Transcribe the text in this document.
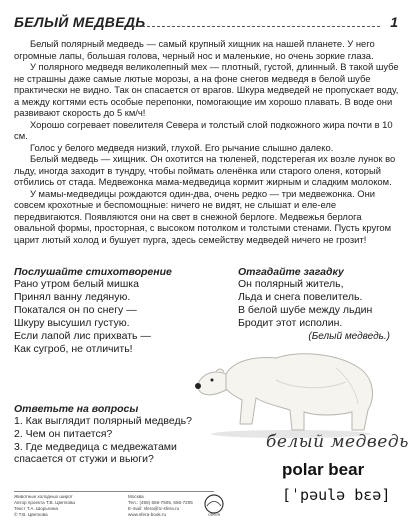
БЕЛЫЙ МЕДВЕДЬ	1

Белый полярный медведь — самый крупный хищник на нашей планете. У него огромные лапы, большая голова, черный нос и маленькие, но очень зоркие глаза.

У полярного медведя великолепный мех — плотный, густой, длинный. В такой шубе не страшны даже самые лютые морозы, а на фоне снегов медведя в белой шубе практически не видно. Так он спасается от врагов. Шкура медведей не пропускает воду, а между когтями есть особые перепонки, помогающие им хорошо плавать. В воде они развивают скорость до 5 км/ч!

Хорошо согревает повелителя Севера и толстый слой подкожного жира почти в 10 см.

Голос у белого медведя низкий, глухой. Его рычание слышно далеко.

Белый медведь — хищник. Он охотится на тюленей, подстерегая их возле лунок во льду, иногда заходит в тундру, чтобы поймать оленёнка или старого оленя, который отбились от стада. Медвежонка мама-медведица кормит жирным и сладким молоком.

У мамы-медведицы рождаются один-два, очень редко — три медвежонка. Они совсем крохотные и беспомощные: ничего не видят, не слышат и еле-еле передвигаются. Появляются они на свет в снежной берлоге. Медвежья берлога овальной формы, просторная, с высоком потолком и толстыми стенами. Пусть кругом царит лютый холод и бушует пурга, здесь семейству медведей ничего не грозит!

Послушайте стихотворение
Рано утром белый мишка
Принял ванну ледяную.
Покатался он по снегу —
Шкуру высушил густую.
Если лапой лис прихвать —
Как сугроб, не отличить!
Отгадайте загадку
Он полярный житель,
Льда и снега повелитель.
В белой шубе между льдин
Бродит этот исполин.
(Белый медведь.)
Ответьте на вопросы
1. Как выглядит полярный медведь?
2. Чем он питается?
3. Где медведица с медвежатами спасается от стужи и вьюги?
белый медведь
polar bear
[ˈpəulə bɛə]
Животные холодных широт
Автор проекта Т.В. Цветкова
Текст Т.А. Шорыгина
© Т.В. Цветкова
Москва
Тел.: (495) 656-7505, 656-7205
E-mail: sfera@tc-sfera.ru
www.sfera-book.ru	сфера
